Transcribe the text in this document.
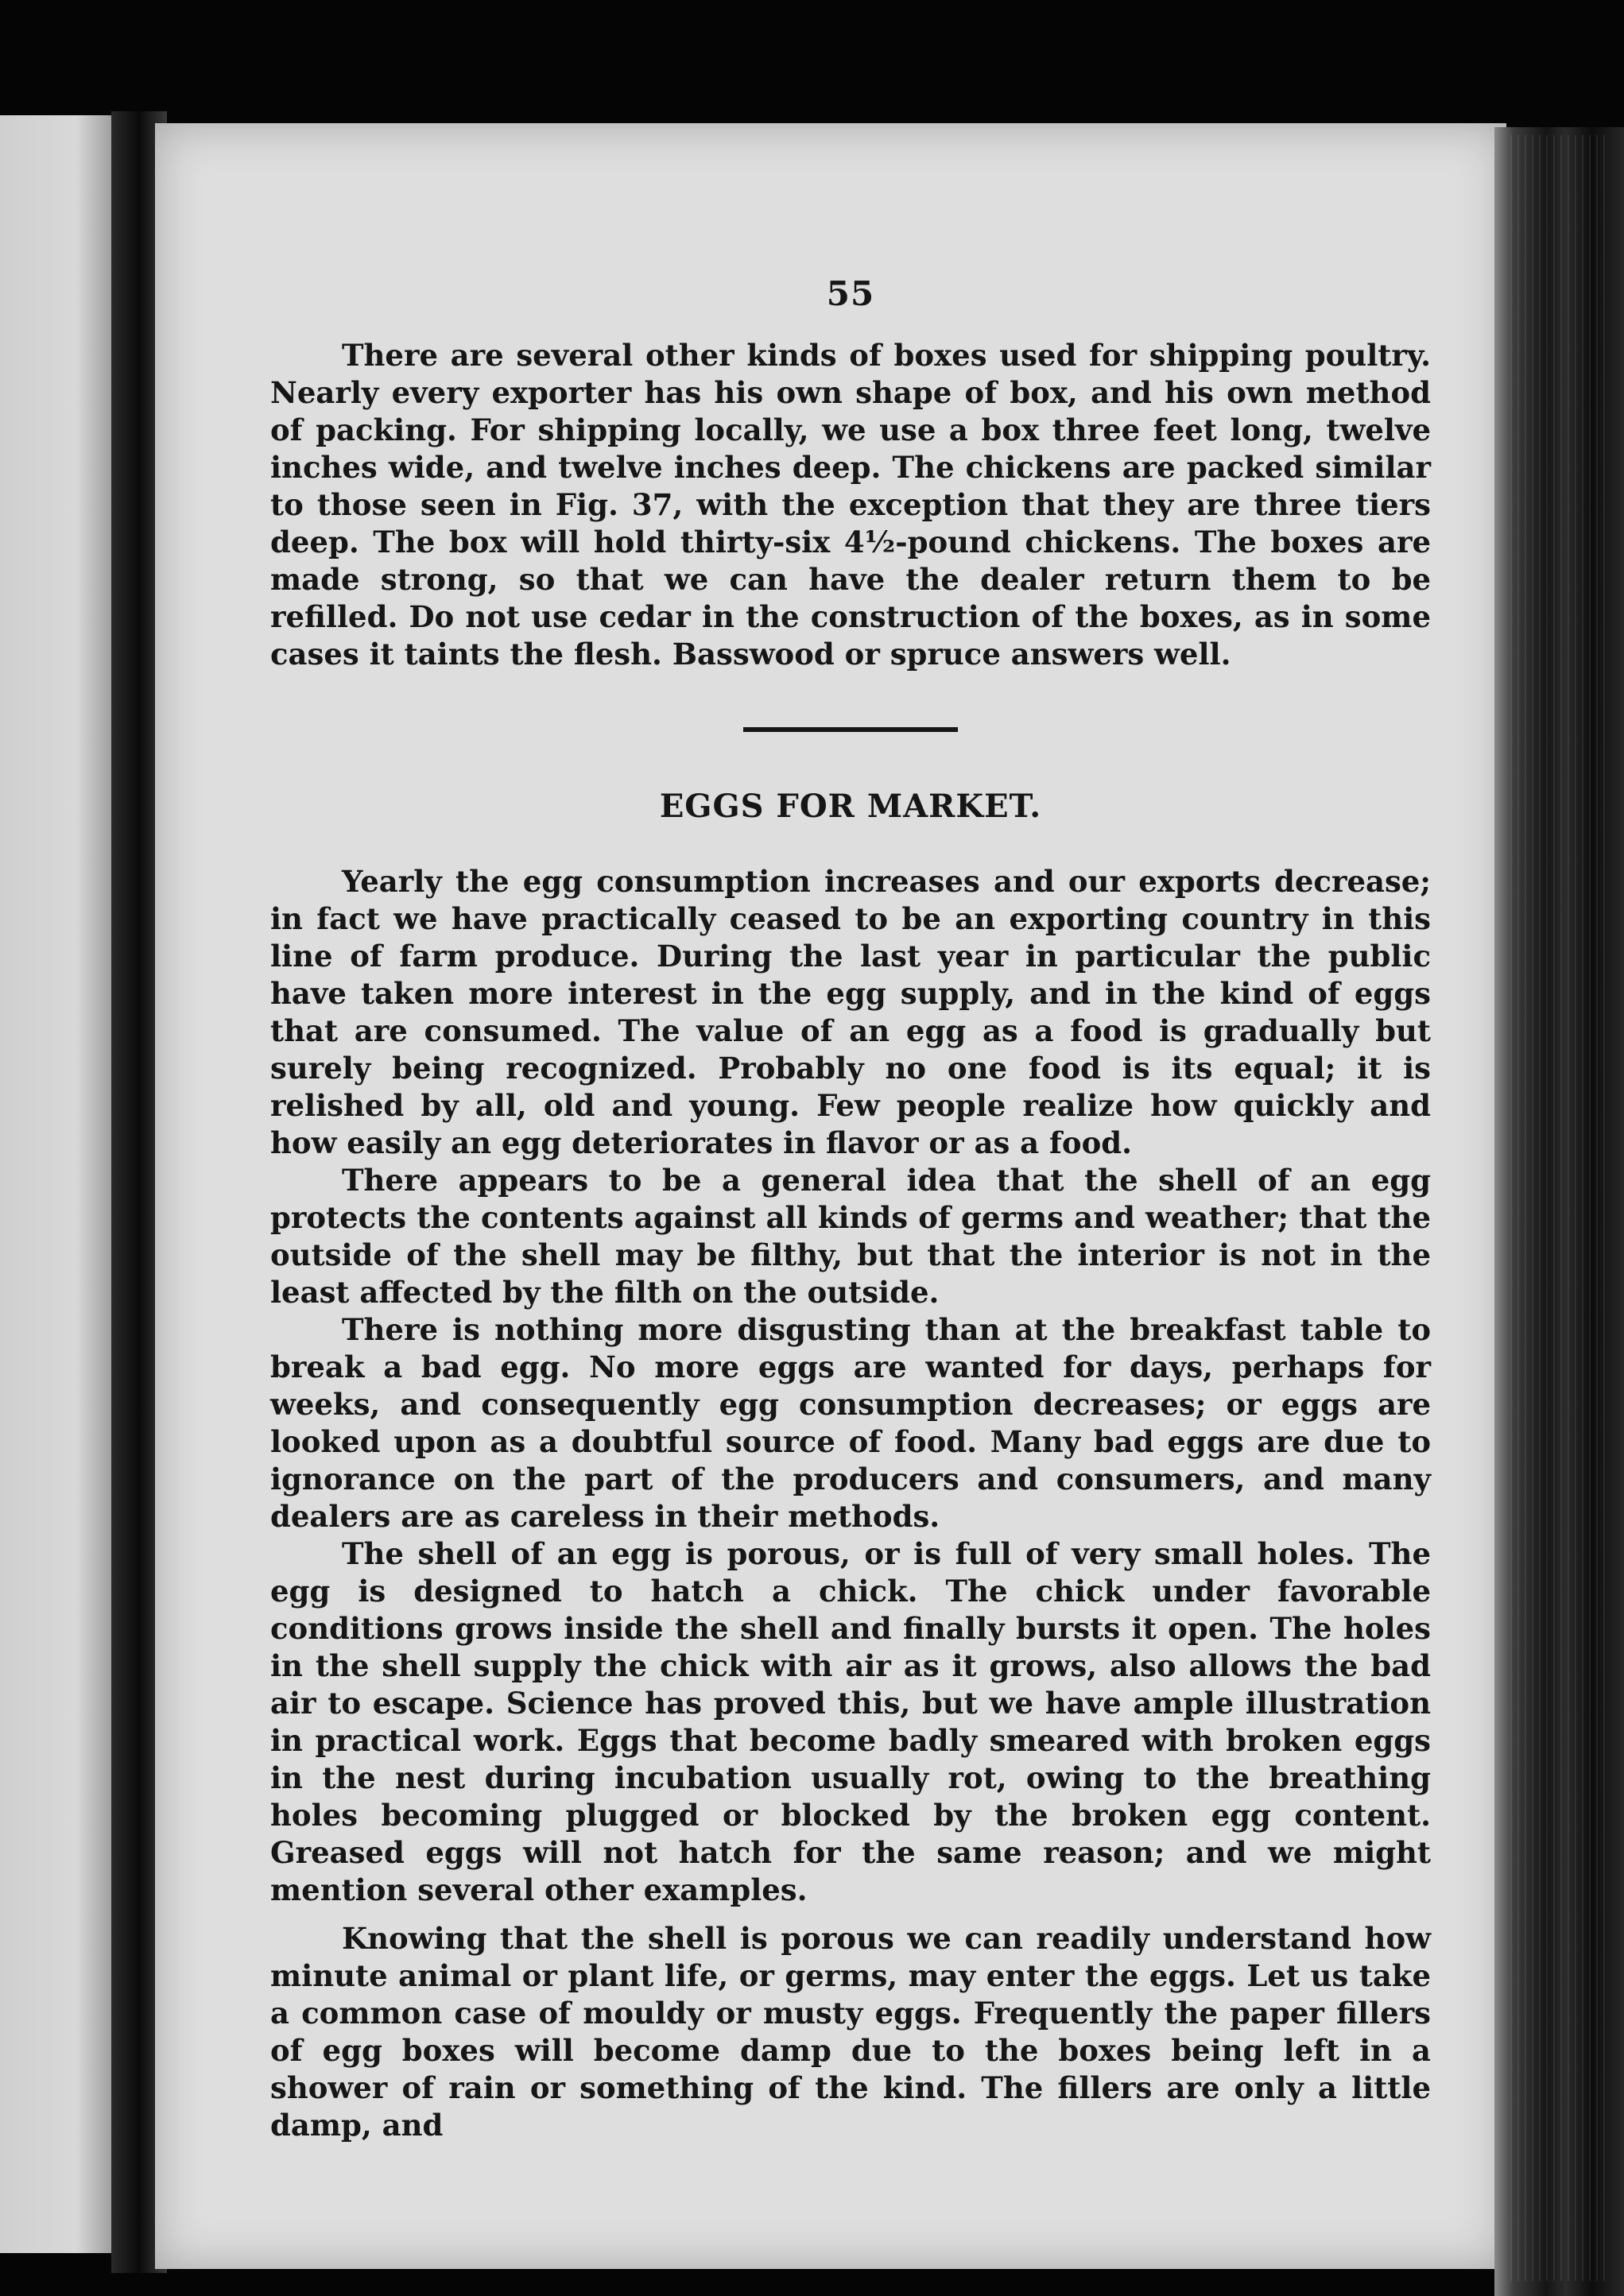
55

There are several other kinds of boxes used for shipping poultry. Nearly every exporter has his own shape of box, and his own method of packing. For shipping locally, we use a box three feet long, twelve inches wide, and twelve inches deep. The chickens are packed similar to those seen in Fig. 37, with the exception that they are three tiers deep. The box will hold thirty-six 4½-pound chickens. The boxes are made strong, so that we can have the dealer return them to be refilled. Do not use cedar in the construction of the boxes, as in some cases it taints the flesh. Basswood or spruce answers well.

EGGS FOR MARKET.

Yearly the egg consumption increases and our exports decrease; in fact we have practically ceased to be an exporting country in this line of farm produce. During the last year in particular the public have taken more interest in the egg supply, and in the kind of eggs that are consumed. The value of an egg as a food is gradually but surely being recognized. Probably no one food is its equal; it is relished by all, old and young. Few people realize how quickly and how easily an egg deteriorates in flavor or as a food.

There appears to be a general idea that the shell of an egg protects the contents against all kinds of germs and weather; that the outside of the shell may be filthy, but that the interior is not in the least affected by the filth on the outside.

There is nothing more disgusting than at the breakfast table to break a bad egg. No more eggs are wanted for days, perhaps for weeks, and consequently egg consumption decreases; or eggs are looked upon as a doubtful source of food. Many bad eggs are due to ignorance on the part of the producers and consumers, and many dealers are as careless in their methods.

The shell of an egg is porous, or is full of very small holes. The egg is designed to hatch a chick. The chick under favorable conditions grows inside the shell and finally bursts it open. The holes in the shell supply the chick with air as it grows, also allows the bad air to escape. Science has proved this, but we have ample illustration in practical work. Eggs that become badly smeared with broken eggs in the nest during incubation usually rot, owing to the breathing holes becoming plugged or blocked by the broken egg content. Greased eggs will not hatch for the same reason; and we might mention several other examples.

Knowing that the shell is porous we can readily understand how minute animal or plant life, or germs, may enter the eggs. Let us take a common case of mouldy or musty eggs. Frequently the paper fillers of egg boxes will become damp due to the boxes being left in a shower of rain or something of the kind. The fillers are only a little damp, and
